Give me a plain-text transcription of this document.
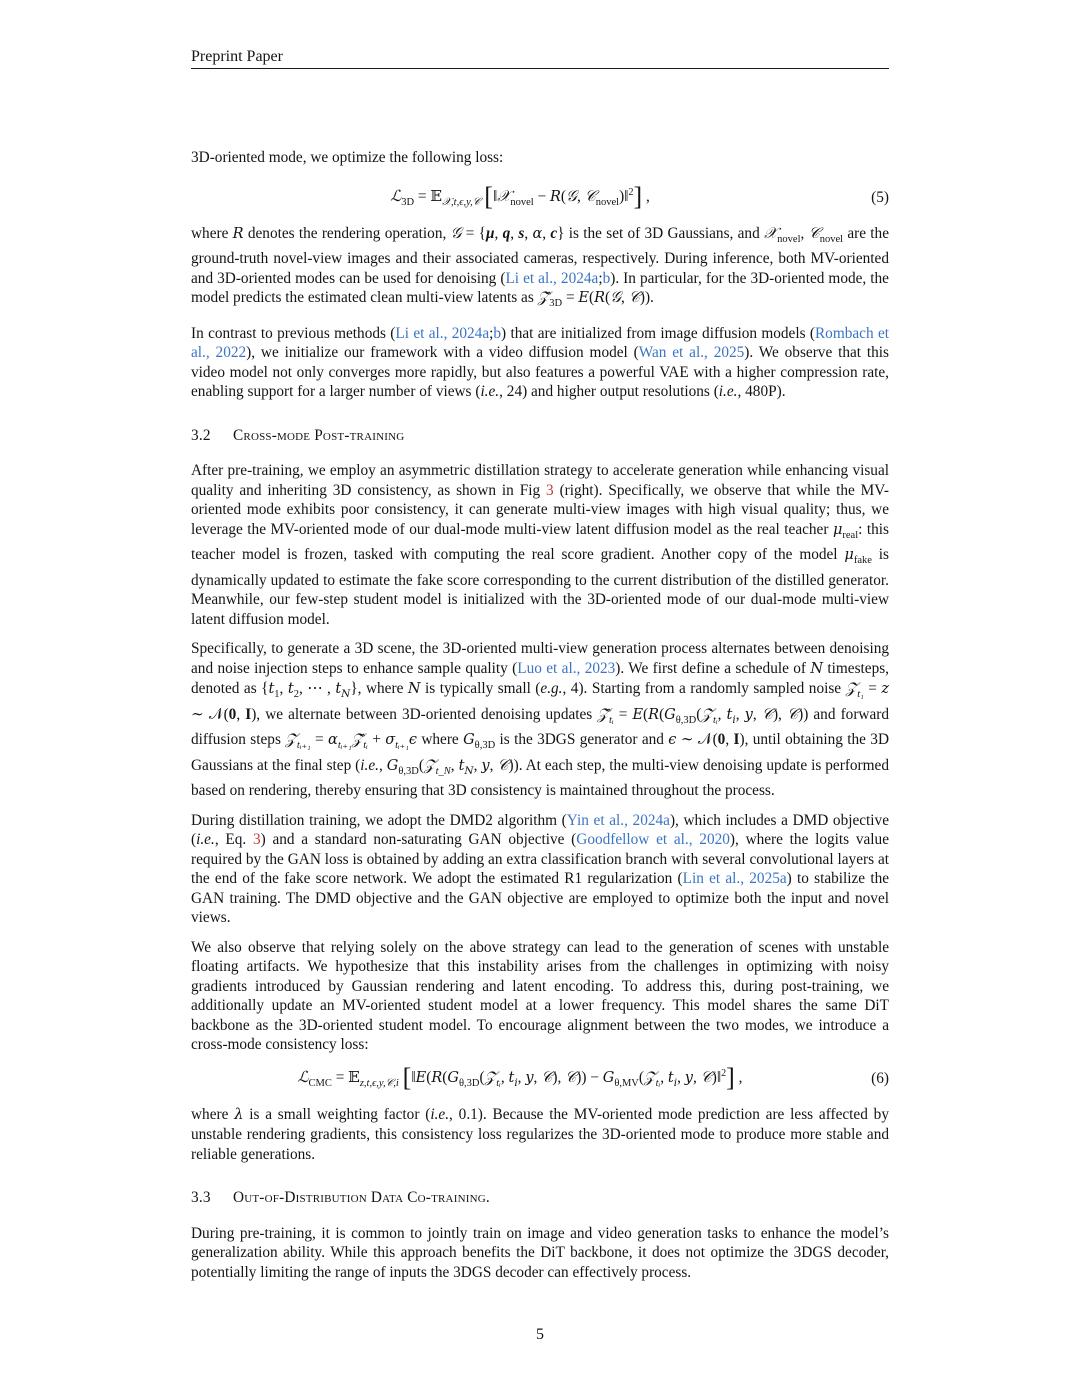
Preprint Paper

3D-oriented mode, we optimize the following loss:

ℒ$_{3D}$ = 𝔼$_{𝒳,t,\epsilon,y,𝒞}$ [‖𝒳$_{novel}$ − R(𝒢, 𝒞$_{novel}$)‖$^2$] ,	(5)

where R denotes the rendering operation, 𝒢 = {μ, q, s, α, c} is the set of 3D Gaussians, and 𝒳$_{novel}$, 𝒞$_{novel}$ are the ground-truth novel-view images and their associated cameras, respectively. During inference, both MV-oriented and 3D-oriented modes can be used for denoising (Li et al., 2024a;b). In particular, for the 3D-oriented mode, the model predicts the estimated clean multi-view latents as $𝒵̂_{3D}$ = E(R(𝒢, 𝒞)).

In contrast to previous methods (Li et al., 2024a;b) that are initialized from image diffusion models (Rombach et al., 2022), we initialize our framework with a video diffusion model (Wan et al., 2025). We observe that this video model not only converges more rapidly, but also features a powerful VAE with a higher compression rate, enabling support for a larger number of views (i.e., 24) and higher output resolutions (i.e., 480P).

3.2 Cross-mode Post-training

After pre-training, we employ an asymmetric distillation strategy to accelerate generation while enhancing visual quality and inheriting 3D consistency, as shown in Fig 3 (right). Specifically, we observe that while the MV-oriented mode exhibits poor consistency, it can generate multi-view images with high visual quality; thus, we leverage the MV-oriented mode of our dual-mode multi-view latent diffusion model as the real teacher $\mu_{real}$: this teacher model is frozen, tasked with computing the real score gradient. Another copy of the model $\mu_{fake}$ is dynamically updated to estimate the fake score corresponding to the current distribution of the distilled generator. Meanwhile, our few-step student model is initialized with the 3D-oriented mode of our dual-mode multi-view latent diffusion model.

Specifically, to generate a 3D scene, the 3D-oriented multi-view generation process alternates between denoising and noise injection steps to enhance sample quality (Luo et al., 2023). We first define a schedule of N timesteps, denoted as {$t_1$, $t_2$, ⋯ , $t_N$}, where N is typically small (e.g., 4). Starting from a randomly sampled noise 𝒵$_{t_1}$ = z ∼ 𝒩(0, I), we alternate between 3D-oriented denoising updates $𝒵̂_{tᵢ}$ = $E(R(G_{\theta,3D}(𝒵_{tᵢ}$, $t_i$, y, 𝒞), 𝒞)) and forward diffusion steps 𝒵$_{tᵢ_{+1}}$ = $\alpha_{tᵢ_{+1}}𝒵̂_{tᵢ} + \sigma_{tᵢ_{+1}}\epsilon$ where $G_{\theta,3D}$ is the 3DGS generator and ϵ ∼ 𝒩(0, I), until obtaining the 3D Gaussians at the final step (i.e., $G_{\theta,3D}(𝒵_{t\_N}$, $t_N$, y, 𝒞)). At each step, the multi-view denoising update is performed based on rendering, thereby ensuring that 3D consistency is maintained throughout the process.

During distillation training, we adopt the DMD2 algorithm (Yin et al., 2024a), which includes a DMD objective (i.e., Eq. 3) and a standard non-saturating GAN objective (Goodfellow et al., 2020), where the logits value required by the GAN loss is obtained by adding an extra classification branch with several convolutional layers at the end of the fake score network. We adopt the estimated R1 regularization (Lin et al., 2025a) to stabilize the GAN training. The DMD objective and the GAN objective are employed to optimize both the input and novel views.

We also observe that relying solely on the above strategy can lead to the generation of scenes with unstable floating artifacts. We hypothesize that this instability arises from the challenges in optimizing with noisy gradients introduced by Gaussian rendering and latent encoding. To address this, during post-training, we additionally update an MV-oriented student model at a lower frequency. This model shares the same DiT backbone as the 3D-oriented student model. To encourage alignment between the two modes, we introduce a cross-mode consistency loss:

ℒ$_{CMC}$ = 𝔼$_{z,t,\epsilon,y,𝒞,i}$ [$‖E(R(G_{\theta,3D}(𝒵_{tᵢ}$, $t_i$, y, 𝒞), 𝒞)) − $G_{\theta,MV}(𝒵_{tᵢ}$, $t_i$, y, 𝒞)‖$^2$] ,	(6)

where λ is a small weighting factor (i.e., 0.1). Because the MV-oriented mode prediction are less affected by unstable rendering gradients, this consistency loss regularizes the 3D-oriented mode to produce more stable and reliable generations.

3.3 Out-of-Distribution Data Co-training.

During pre-training, it is common to jointly train on image and video generation tasks to enhance the model’s generalization ability. While this approach benefits the DiT backbone, it does not optimize the 3DGS decoder, potentially limiting the range of inputs the 3DGS decoder can effectively process.

5
